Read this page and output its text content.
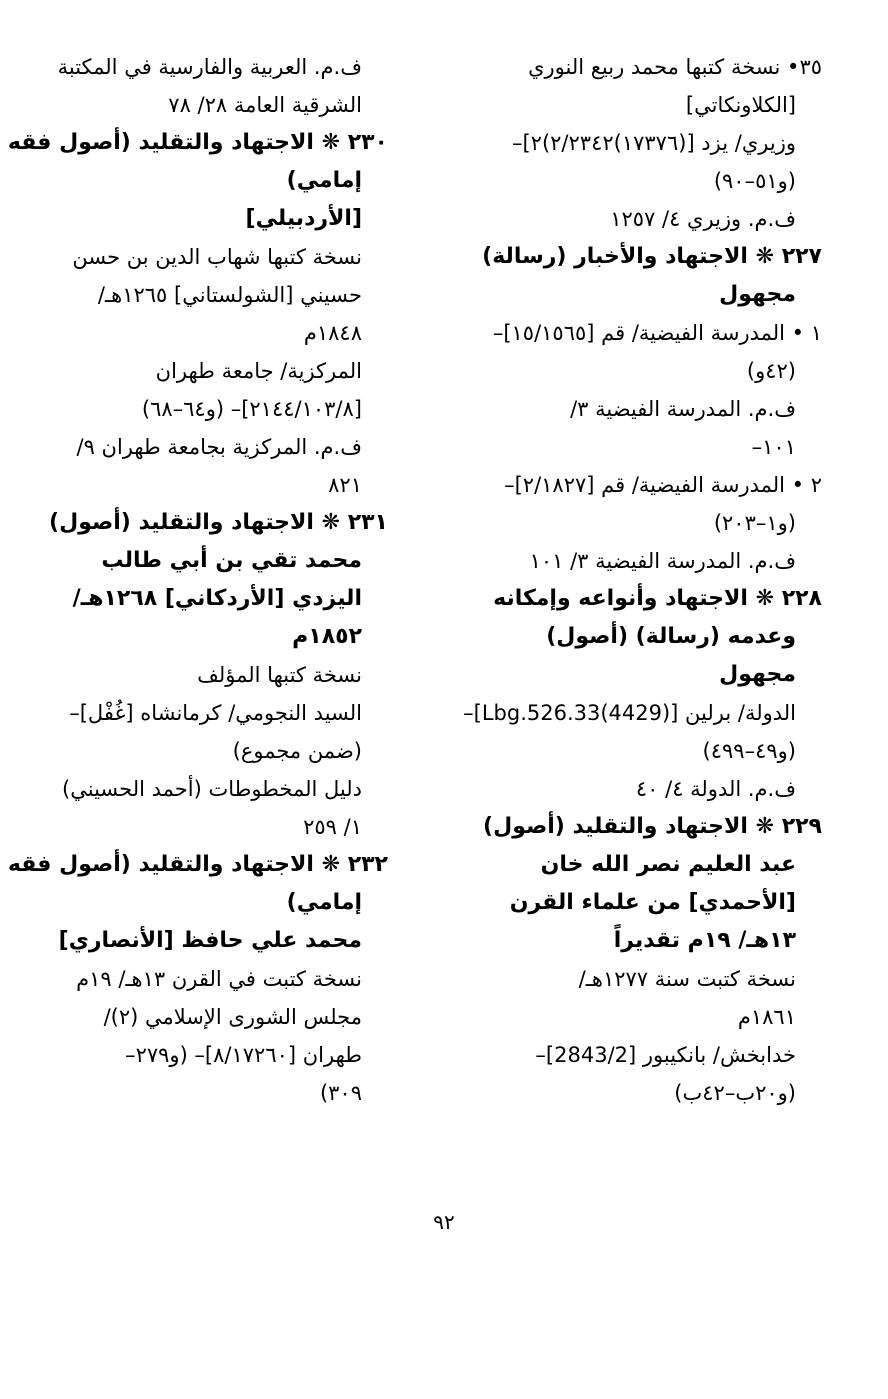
٣٥• نسخة كتبها محمد ربيع النوري
[الكلاونكاتي]
وزيري/ يزد [(١٧٣٧٦)٢/٢٣٤٢)٢]–
(و٥١–٩٠)
ف.م. وزيري ٤/ ١٢٥٧
٢٢٧ ❋ الاجتهاد والأخبار (رسالة)
مجهول
١ • المدرسة الفيضية/ قم [١٥/١٥٦٥]–
(٤٢و)
ف.م. المدرسة الفيضية ٣/
١٠١–
٢ • المدرسة الفيضية/ قم [٢/١٨٢٧]–
(و١–٢٠٣)
ف.م. المدرسة الفيضية ٣/ ١٠١
٢٢٨ ❋ الاجتهاد وأنواعه وإمكانه
وعدمه (رسالة) (أصول)
مجهول
الدولة/ برلين [Lbg.526.33(4429)]–
(و٤٩–٤٩٩)
ف.م. الدولة ٤/ ٤٠
٢٢٩ ❋ الاجتهاد والتقليد (أصول)
عبد العليم نصر الله خان
[الأحمدي] من علماء القرن
١٣هـ/ ١٩م تقديراً
نسخة كتبت سنة ١٢٧٧هـ/
١٨٦١م
خدابخش/ بانكيبور [2843/2]–
(و٢٠ب–٤٢ب)
ف.م. العربية والفارسية في المكتبة
الشرقية العامة ٢٨/ ٧٨
٢٣٠ ❋ الاجتهاد والتقليد (أصول فقه
إمامي)
[الأردبيلي]
نسخة كتبها شهاب الدين بن حسن
حسيني [الشولستاني] ١٢٦٥هـ/
١٨٤٨م
المركزية/ جامعة طهران
[٢١٤٤/١٠٣/٨]– (و٦٤–٦٨)
ف.م. المركزية بجامعة طهران ٩/
٨٢١
٢٣١ ❋ الاجتهاد والتقليد (أصول)
محمد تقي بن أبي طالب
اليزدي [الأردكاني] ١٢٦٨هـ/
١٨٥٢م
نسخة كتبها المؤلف
السيد النجومي/ كرمانشاه [غُفْل]–
(ضمن مجموع)
دليل المخطوطات (أحمد الحسيني)
١/ ٢٥٩
٢٣٢ ❋ الاجتهاد والتقليد (أصول فقه
إمامي)
محمد علي حافظ [الأنصاري]
نسخة كتبت في القرن ١٣هـ/ ١٩م
مجلس الشورى الإسلامي (٢)/
طهران [٨/١٧٢٦٠]– (و٢٧٩–
٣٠٩)
٩٢
